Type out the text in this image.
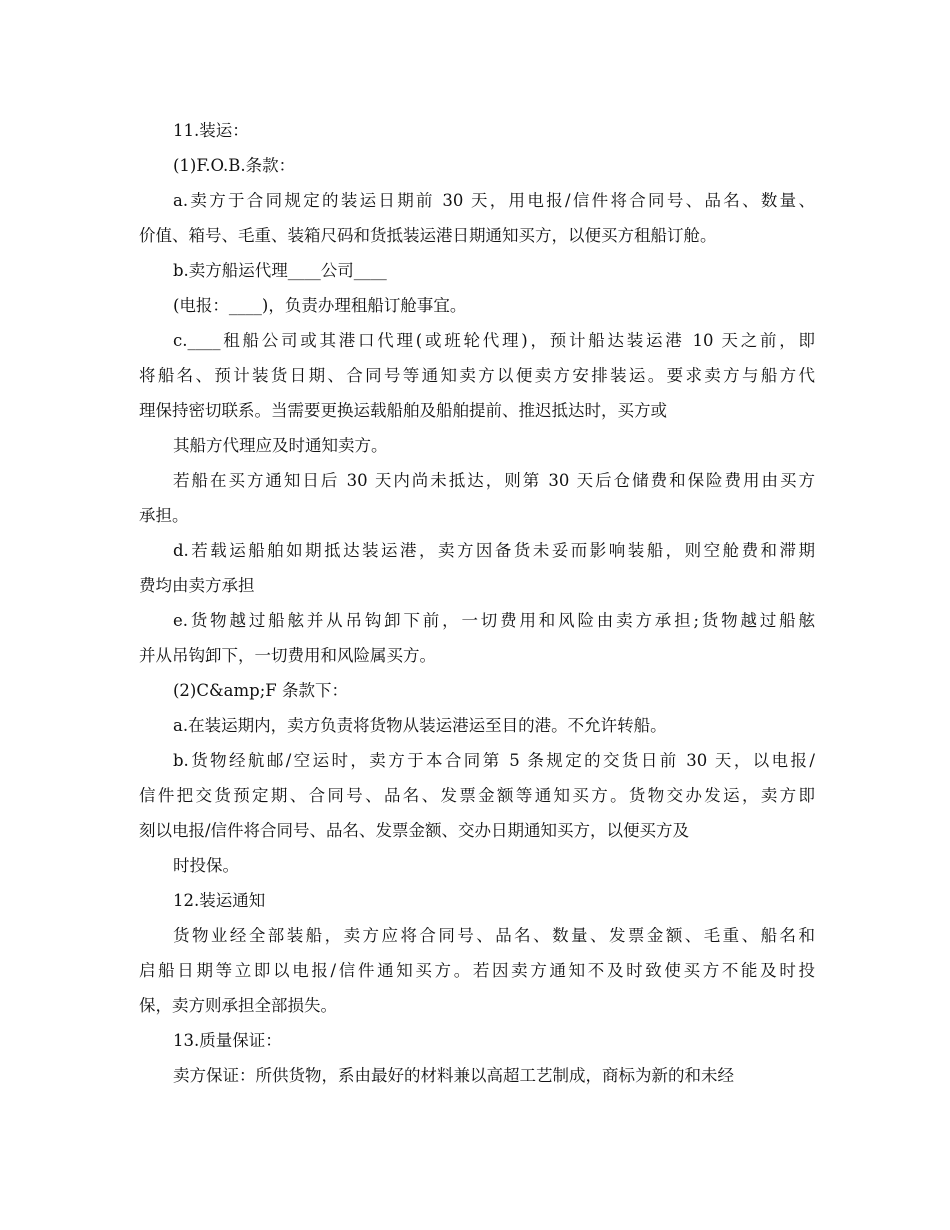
11.装运：
(1)F.O.B.条款：
a.卖方于合同规定的装运日期前 30 天，用电报/信件将合同号、品名、数量、
价值、箱号、毛重、装箱尺码和货抵装运港日期通知买方，以便买方租船订舱。
b.卖方船运代理____公司____
(电报：____)，负责办理租船订舱事宜。
c.____租船公司或其港口代理(或班轮代理)，预计船达装运港 10 天之前，即
将船名、预计装货日期、合同号等通知卖方以便卖方安排装运。要求卖方与船方代
理保持密切联系。当需要更换运载船舶及船舶提前、推迟抵达时，买方或
其船方代理应及时通知卖方。
若船在买方通知日后 30 天内尚未抵达，则第 30 天后仓储费和保险费用由买方
承担。
d.若载运船舶如期抵达装运港，卖方因备货未妥而影响装船，则空舱费和滞期
费均由卖方承担
e.货物越过船舷并从吊钩卸下前，一切费用和风险由卖方承担;货物越过船舷
并从吊钩卸下，一切费用和风险属买方。
(2)C&amp;F 条款下：
a.在装运期内，卖方负责将货物从装运港运至目的港。不允许转船。
b.货物经航邮/空运时，卖方于本合同第 5 条规定的交货日前 30 天，以电报/
信件把交货预定期、合同号、品名、发票金额等通知买方。货物交办发运，卖方即
刻以电报/信件将合同号、品名、发票金额、交办日期通知买方，以便买方及
时投保。
12.装运通知
货物业经全部装船，卖方应将合同号、品名、数量、发票金额、毛重、船名和
启船日期等立即以电报/信件通知买方。若因卖方通知不及时致使买方不能及时投
保，卖方则承担全部损失。
13.质量保证：
卖方保证：所供货物，系由最好的材料兼以高超工艺制成，商标为新的和未经
